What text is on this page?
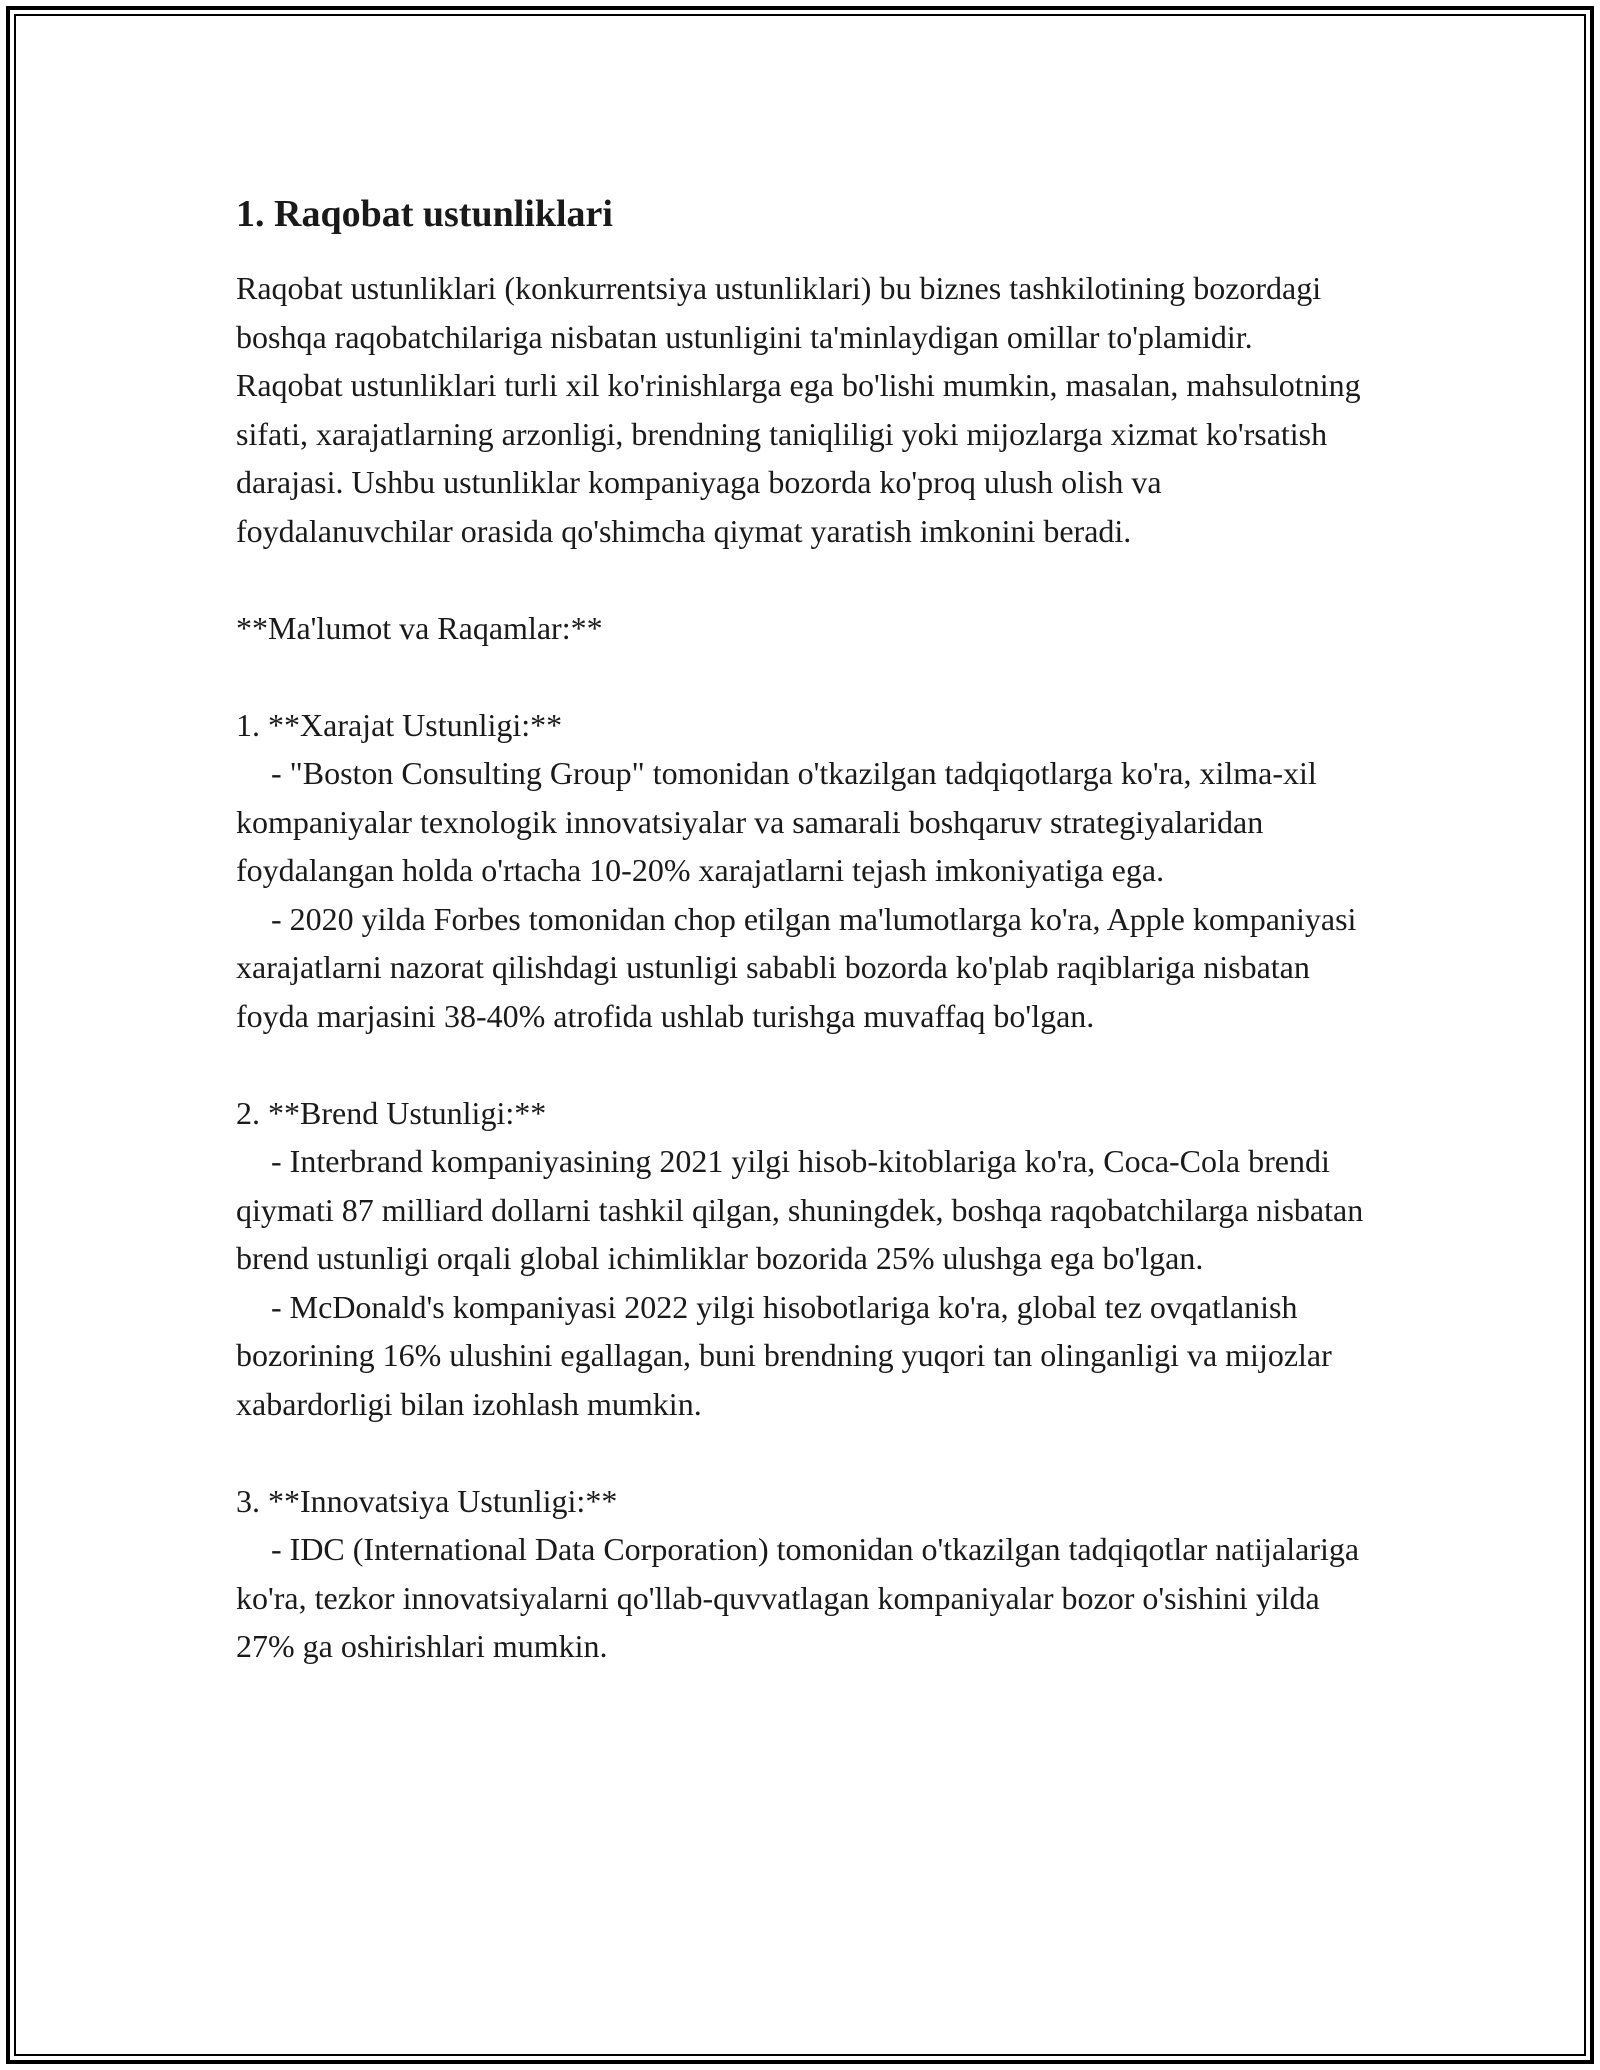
1. Raqobat ustunliklari

Raqobat ustunliklari (konkurrentsiya ustunliklari) bu biznes tashkilotining bozordagi boshqa raqobatchilariga nisbatan ustunligini ta'minlaydigan omillar to'plamidir. Raqobat ustunliklari turli xil ko'rinishlarga ega bo'lishi mumkin, masalan, mahsulotning sifati, xarajatlarning arzonligi, brendning taniqliligi yoki mijozlarga xizmat ko'rsatish darajasi. Ushbu ustunliklar kompaniyaga bozorda ko'proq ulush olish va foydalanuvchilar orasida qo'shimcha qiymat yaratish imkonini beradi.

**Ma'lumot va Raqamlar:**

1. **Xarajat Ustunligi:**

- "Boston Consulting Group" tomonidan o'tkazilgan tadqiqotlarga ko'ra, xilma-xil kompaniyalar texnologik innovatsiyalar va samarali boshqaruv strategiyalaridan foydalangan holda o'rtacha 10-20% xarajatlarni tejash imkoniyatiga ega.

- 2020 yilda Forbes tomonidan chop etilgan ma'lumotlarga ko'ra, Apple kompaniyasi xarajatlarni nazorat qilishdagi ustunligi sababli bozorda ko'plab raqiblariga nisbatan foyda marjasini 38-40% atrofida ushlab turishga muvaffaq bo'lgan.

2. **Brend Ustunligi:**

- Interbrand kompaniyasining 2021 yilgi hisob-kitoblariga ko'ra, Coca-Cola brendi qiymati 87 milliard dollarni tashkil qilgan, shuningdek, boshqa raqobatchilarga nisbatan brend ustunligi orqali global ichimliklar bozorida 25% ulushga ega bo'lgan.

- McDonald's kompaniyasi 2022 yilgi hisobotlariga ko'ra, global tez ovqatlanish bozorining 16% ulushini egallagan, buni brendning yuqori tan olinganligi va mijozlar xabardorligi bilan izohlash mumkin.

3. **Innovatsiya Ustunligi:**

- IDC (International Data Corporation) tomonidan o'tkazilgan tadqiqotlar natijalariga ko'ra, tezkor innovatsiyalarni qo'llab-quvvatlagan kompaniyalar bozor o'sishini yilda 27% ga oshirishlari mumkin.
